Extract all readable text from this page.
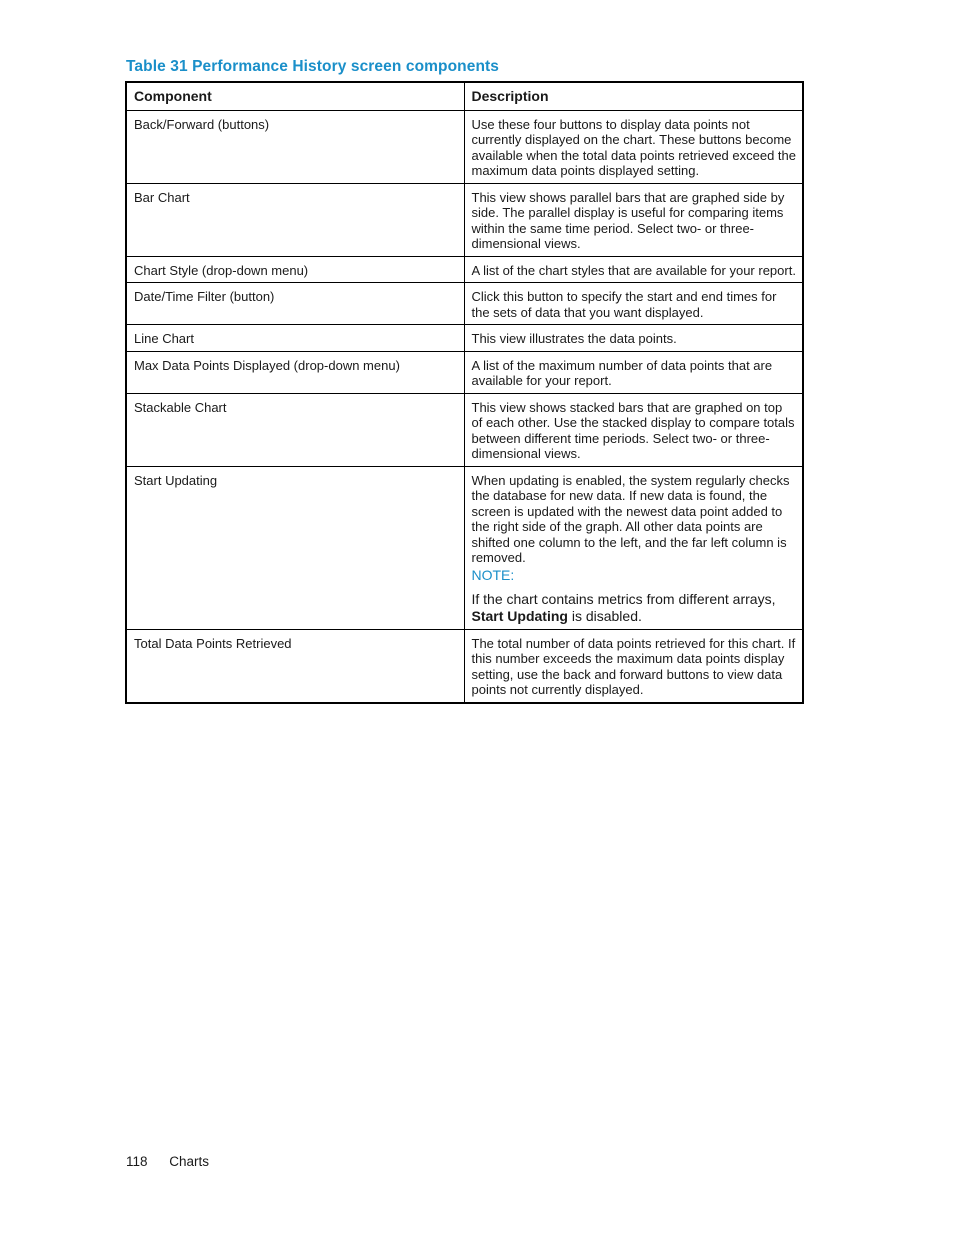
Table 31 Performance History screen components
Component	Description
Back/Forward (buttons)	Use these four buttons to display data points not currently displayed on the chart. These buttons become available when the total data points retrieved exceed the maximum data points displayed setting.
Bar Chart	This view shows parallel bars that are graphed side by side. The parallel display is useful for comparing items within the same time period. Select two- or three-dimensional views.
Chart Style (drop-down menu)	A list of the chart styles that are available for your report.
Date/Time Filter (button)	Click this button to specify the start and end times for the sets of data that you want displayed.
Line Chart	This view illustrates the data points.
Max Data Points Displayed (drop-down menu)	A list of the maximum number of data points that are available for your report.
Stackable Chart	This view shows stacked bars that are graphed on top of each other. Use the stacked display to compare totals between different time periods. Select two- or three-dimensional views.
Start Updating	When updating is enabled, the system regularly checks the database for new data. If new data is found, the screen is updated with the newest data point added to the right side of the graph. All other data points are shifted one column to the left, and the far left column is removed.
NOTE:
If the chart contains metrics from different arrays, Start Updating is disabled.

Total Data Points Retrieved	The total number of data points retrieved for this chart. If this number exceeds the maximum data points display setting, use the back and forward buttons to view data points not currently displayed.
118 Charts
